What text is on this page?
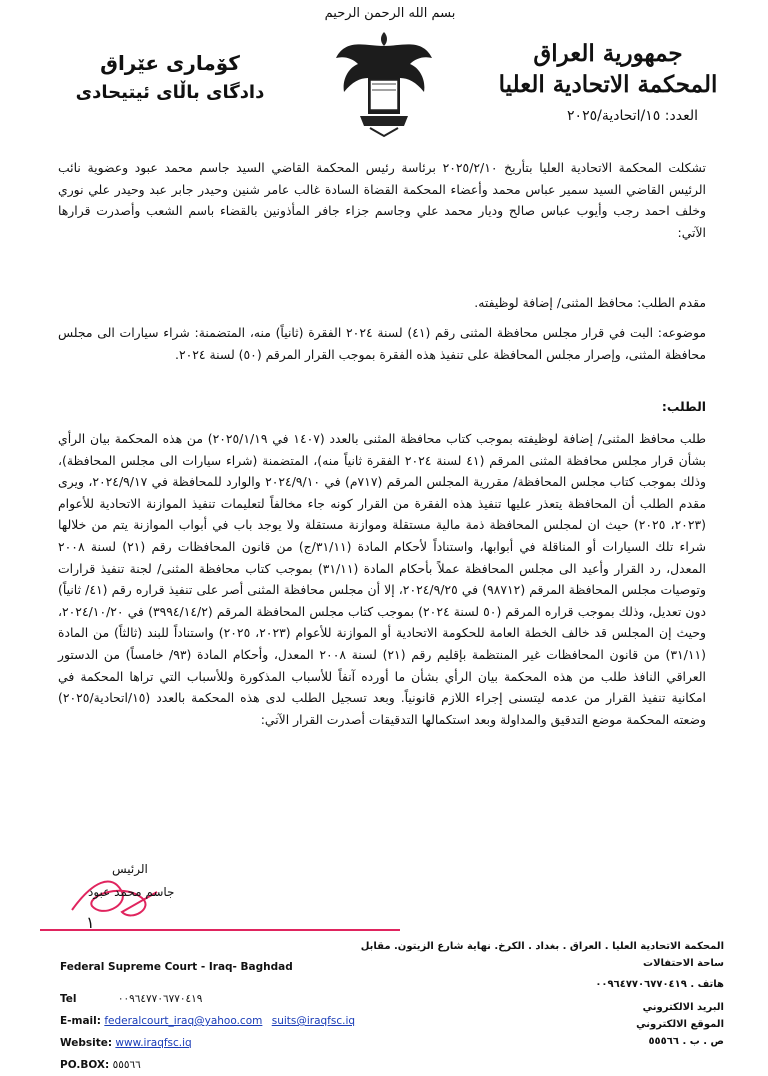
بسم الله الرحمن الرحيم
جمهورية العراق
المحكمة الاتحادية العليا
العدد: ١٥/اتحادية/٢٠٢٥
كۆماری عێراق
دادگای باڵای ئیتیحادی

تشكلت المحكمة الاتحادية العليا بتأريخ ٢٠٢٥/٢/١٠ برئاسة رئيس المحكمة القاضي السيد جاسم محمد عبود وعضوية نائب الرئيس القاضي السيد سمير عباس محمد وأعضاء المحكمة القضاة السادة غالب عامر شنين وحيدر جابر عبد وحيدر علي نوري وخلف احمد رجب وأيوب عباس صالح وديار محمد علي وجاسم جزاء جافر المأذونين بالقضاء باسم الشعب وأصدرت قرارها الآتي:

مقدم الطلب: محافظ المثنى/ إضافة لوظيفته.

موضوعه: البت في قرار مجلس محافظة المثنى رقم (٤١) لسنة ٢٠٢٤ الفقرة (ثانياً) منه، المتضمنة: شراء سيارات الى مجلس محافظة المثنى، وإصرار مجلس المحافظة على تنفيذ هذه الفقرة بموجب القرار المرقم (٥٠) لسنة ٢٠٢٤.

الطلب:

طلب محافظ المثنى/ إضافة لوظيفته بموجب كتاب محافظة المثنى بالعدد (١٤٠٧ في ٢٠٢٥/١/١٩) من هذه المحكمة بيان الرأي بشأن قرار مجلس محافظة المثنى المرقم (٤١ لسنة ٢٠٢٤ الفقرة ثانياً منه)، المتضمنة (شراء سيارات الى مجلس المحافظة)، وذلك بموجب كتاب مجلس المحافظة/ مقررية المجلس المرقم (٧١٧م) في ٢٠٢٤/٩/١٠ والوارد للمحافظة في ٢٠٢٤/٩/١٧، ويرى مقدم الطلب أن المحافظة يتعذر عليها تنفيذ هذه الفقرة من القرار كونه جاء مخالفاً لتعليمات تنفيذ الموازنة الاتحادية للأعوام (٢٠٢٣، ٢٠٢٥) حيث ان لمجلس المحافظة ذمة مالية مستقلة وموازنة مستقلة ولا يوجد باب في أبواب الموازنة يتم من خلالها شراء تلك السيارات أو المناقلة في أبوابها، واستناداً لأحكام المادة (٣١/١١/ج) من قانون المحافظات رقم (٢١) لسنة ٢٠٠٨ المعدل، رد القرار وأعيد الى مجلس المحافظة عملاً بأحكام المادة (٣١/١١) بموجب كتاب محافظة المثنى/ لجنة تنفيذ قرارات وتوصيات مجلس المحافظة المرقم (٩٨٧١٢) في ٢٠٢٤/٩/٢٥، إلا أن مجلس محافظة المثنى أصر على تنفيذ قراره رقم (٤١/ ثانياً) دون تعديل، وذلك بموجب قراره المرقم (٥٠ لسنة ٢٠٢٤) بموجب كتاب مجلس المحافظة المرقم (٣٩٩٤/١٤/٢) في ٢٠٢٤/١٠/٢٠، وحيث إن المجلس قد خالف الخطة العامة للحكومة الاتحادية أو الموازنة للأعوام (٢٠٢٣، ٢٠٢٥) واستناداً للبند (ثالثاً) من المادة (٣١/١١) من قانون المحافظات غير المنتظمة بإقليم رقم (٢١) لسنة ٢٠٠٨ المعدل، وأحكام المادة (٩٣/ خامساً) من الدستور العراقي النافذ طلب من هذه المحكمة بيان الرأي بشأن ما أورده آنفاً للأسباب المذكورة وللأسباب التي تراها المحكمة في امكانية تنفيذ القرار من عدمه ليتسنى إجراء اللازم قانونياً. وبعد تسجيل الطلب لدى هذه المحكمة بالعدد (١٥/اتحادية/٢٠٢٥) وضعته المحكمة موضع التدقيق والمداولة وبعد استكمالها التدقيقات أصدرت القرار الآتي:

الرئيس
جاسم محمد عبود
١
Federal Supreme Court - Iraq- Baghdad
Tel	٠٠٩٦٤٧٧٠٦٧٧٠٤١٩
E-mail: federalcourt_iraq@yahoo.com suits@iraqfsc.iq
Website: www.iraqfsc.iq
PO.BOX: ٥٥٥٦٦
المحكمة الاتحادية العليا . العراق . بغداد . الكرخ. نهاية شارع الزيتون. مقابل ساحة الاحتفالات
هاتف . ٠٠٩٦٤٧٧٠٦٧٧٠٤١٩
البريد الالكتروني
الموقع الالكتروني
ص . ب . ٥٥٥٦٦
